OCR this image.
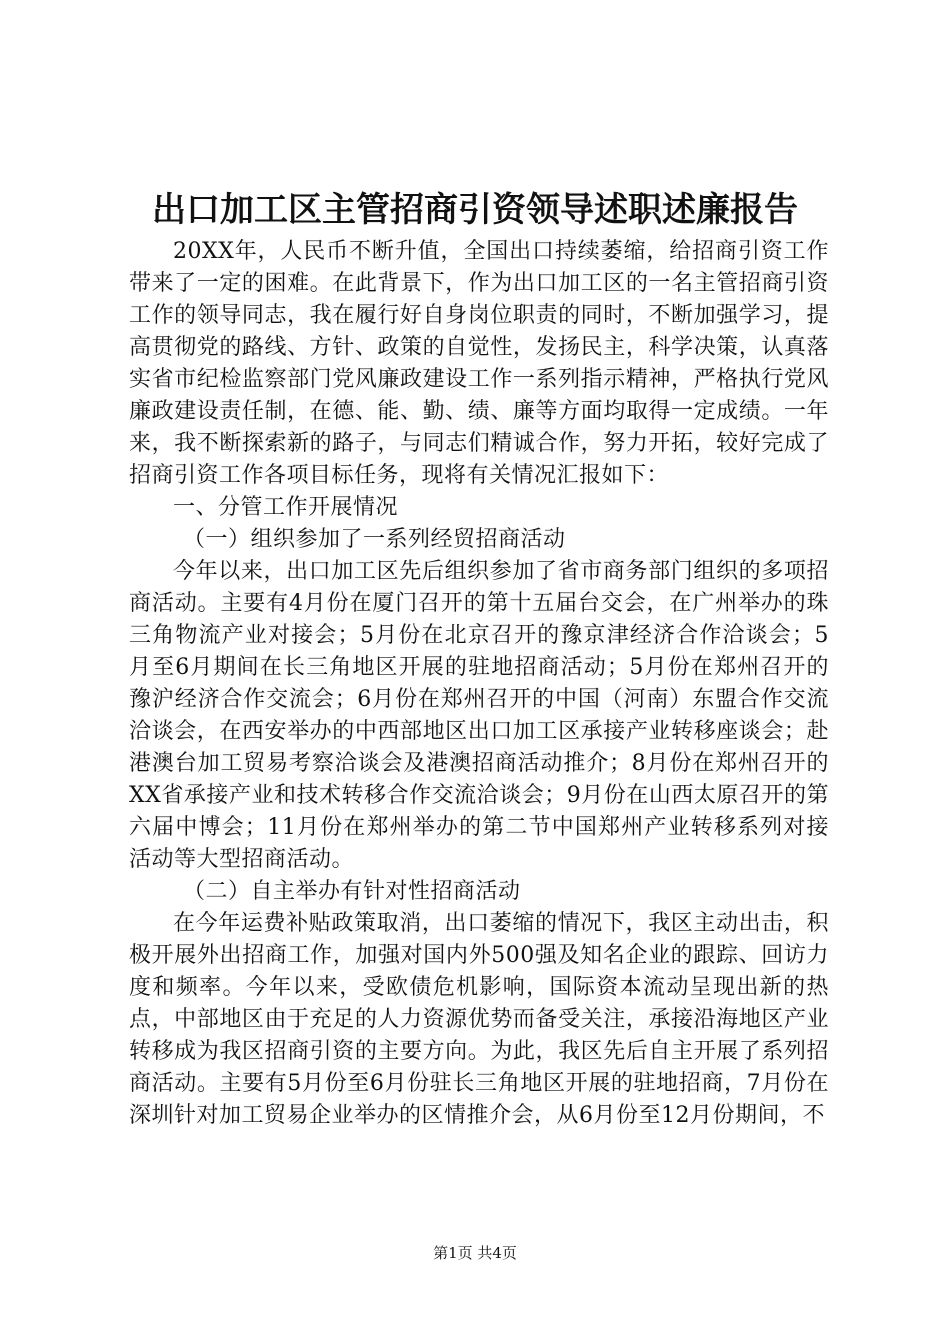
出口加工区主管招商引资领导述职述廉报告

20XX年，人民币不断升值，全国出口持续萎缩，给招商引资工作带来了一定的困难。在此背景下，作为出口加工区的一名主管招商引资工作的领导同志，我在履行好自身岗位职责的同时，不断加强学习，提高贯彻党的路线、方针、政策的自觉性，发扬民主，科学决策，认真落实省市纪检监察部门党风廉政建设工作一系列指示精神，严格执行党风廉政建设责任制，在德、能、勤、绩、廉等方面均取得一定成绩。一年来，我不断探索新的路子，与同志们精诚合作，努力开拓，较好完成了招商引资工作各项目标任务，现将有关情况汇报如下：

一、分管工作开展情况

（一）组织参加了一系列经贸招商活动

今年以来，出口加工区先后组织参加了省市商务部门组织的多项招商活动。主要有4月份在厦门召开的第十五届台交会，在广州举办的珠三角物流产业对接会；5月份在北京召开的豫京津经济合作洽谈会；5月至6月期间在长三角地区开展的驻地招商活动；5月份在郑州召开的豫沪经济合作交流会；6月份在郑州召开的中国（河南）东盟合作交流洽谈会，在西安举办的中西部地区出口加工区承接产业转移座谈会；赴港澳台加工贸易考察洽谈会及港澳招商活动推介；8月份在郑州召开的XX省承接产业和技术转移合作交流洽谈会；9月份在山西太原召开的第六届中博会；11月份在郑州举办的第二节中国郑州产业转移系列对接活动等大型招商活动。

（二）自主举办有针对性招商活动

在今年运费补贴政策取消，出口萎缩的情况下，我区主动出击，积极开展外出招商工作，加强对国内外500强及知名企业的跟踪、回访力度和频率。今年以来，受欧债危机影响，国际资本流动呈现出新的热点，中部地区由于充足的人力资源优势而备受关注，承接沿海地区产业转移成为我区招商引资的主要方向。为此，我区先后自主开展了系列招商活动。主要有5月份至6月份驻长三角地区开展的驻地招商，7月份在深圳针对加工贸易企业举办的区情推介会，从6月份至12月份期间，不

第1页 共4页
